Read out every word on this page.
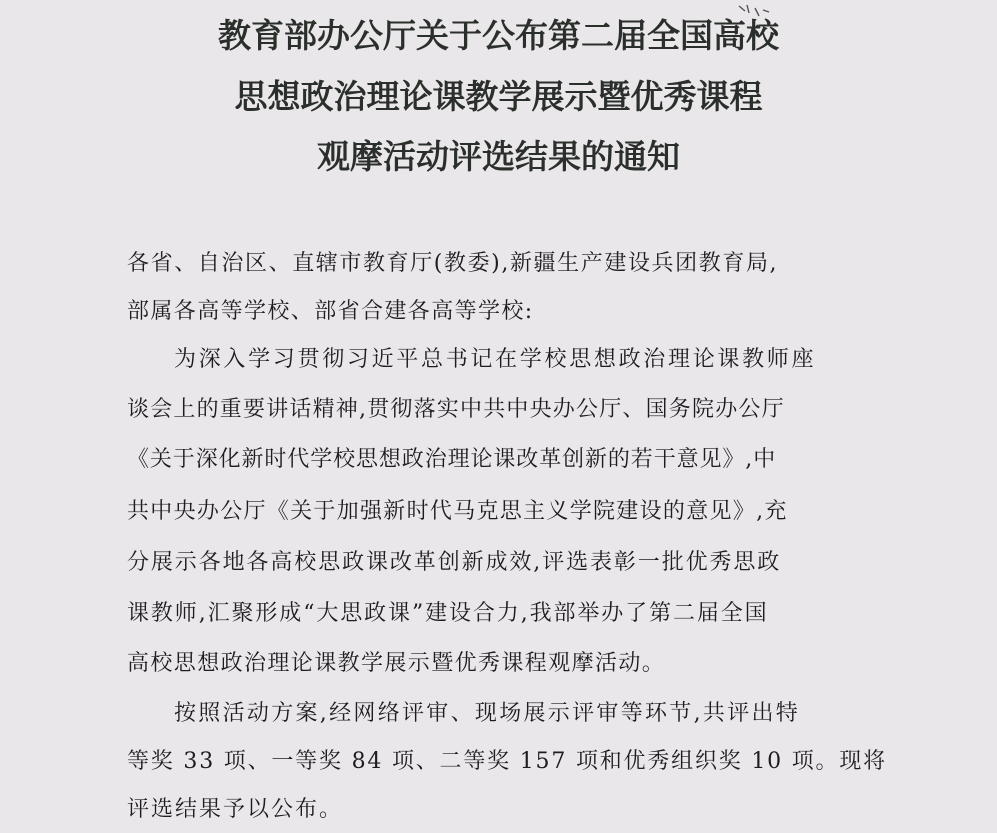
教育部办公厅关于公布第二届全国高校
思想政治理论课教学展示暨优秀课程
观摩活动评选结果的通知
各省、自治区、直辖市教育厅(教委),新疆生产建设兵团教育局,
部属各高等学校、部省合建各高等学校:
为深入学习贯彻习近平总书记在学校思想政治理论课教师座
谈会上的重要讲话精神,贯彻落实中共中央办公厅、国务院办公厅
《关于深化新时代学校思想政治理论课改革创新的若干意见》,中
共中央办公厅《关于加强新时代马克思主义学院建设的意见》,充
分展示各地各高校思政课改革创新成效,评选表彰一批优秀思政
课教师,汇聚形成“大思政课”建设合力,我部举办了第二届全国
高校思想政治理论课教学展示暨优秀课程观摩活动。
按照活动方案,经网络评审、现场展示评审等环节,共评出特
等奖 33 项、一等奖 84 项、二等奖 157 项和优秀组织奖 10 项。现将
评选结果予以公布。
